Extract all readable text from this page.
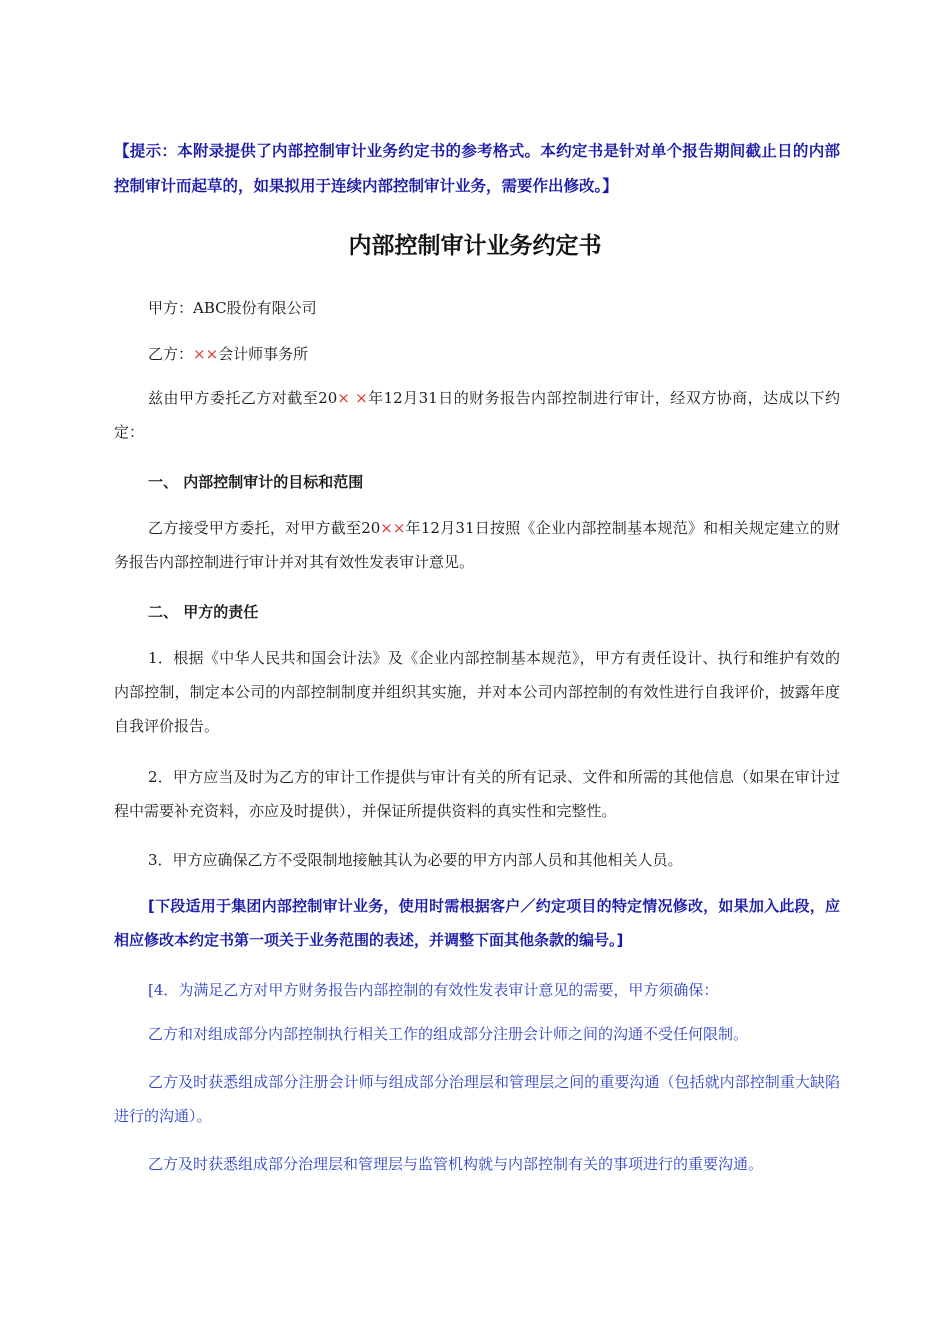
【提示：本附录提供了内部控制审计业务约定书的参考格式。本约定书是针对单个报告期间截止日的内部控制审计而起草的，如果拟用于连续内部控制审计业务，需要作出修改。】
内部控制审计业务约定书
甲方：ABC股份有限公司
乙方：××会计师事务所
兹由甲方委托乙方对截至20× ×年12月31日的财务报告内部控制进行审计，经双方协商，达成以下约定：
一、 内部控制审计的目标和范围
乙方接受甲方委托，对甲方截至20××年12月31日按照《企业内部控制基本规范》和相关规定建立的财务报告内部控制进行审计并对其有效性发表审计意见。
二、 甲方的责任
1．根据《中华人民共和国会计法》及《企业内部控制基本规范》，甲方有责任设计、执行和维护有效的内部控制，制定本公司的内部控制制度并组织其实施，并对本公司内部控制的有效性进行自我评价，披露年度自我评价报告。
2．甲方应当及时为乙方的审计工作提供与审计有关的所有记录、文件和所需的其他信息（如果在审计过程中需要补充资料，亦应及时提供），并保证所提供资料的真实性和完整性。
3．甲方应确保乙方不受限制地接触其认为必要的甲方内部人员和其他相关人员。
[下段适用于集团内部控制审计业务，使用时需根据客户／约定项目的特定情况修改，如果加入此段，应相应修改本约定书第一项关于业务范围的表述，并调整下面其他条款的编号。]
[4．为满足乙方对甲方财务报告内部控制的有效性发表审计意见的需要，甲方须确保：
乙方和对组成部分内部控制执行相关工作的组成部分注册会计师之间的沟通不受任何限制。
乙方及时获悉组成部分注册会计师与组成部分治理层和管理层之间的重要沟通（包括就内部控制重大缺陷进行的沟通）。
乙方及时获悉组成部分治理层和管理层与监管机构就与内部控制有关的事项进行的重要沟通。
